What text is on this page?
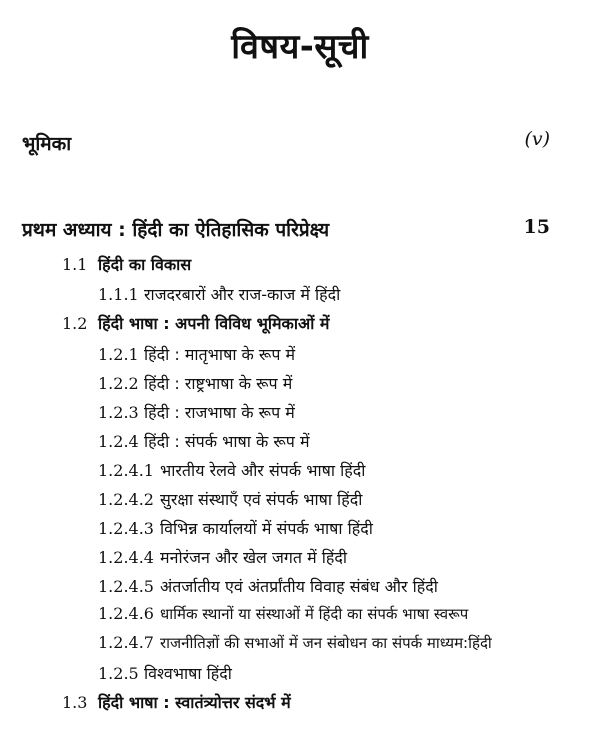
विषय-सूची
भूमिका	(v)
प्रथम अध्याय : हिंदी का ऐतिहासिक परिप्रेक्ष्य	15
1.1 हिंदी का विकास
1.1.1 राजदरबारों और राज-काज में हिंदी
1.2 हिंदी भाषा : अपनी विविध भूमिकाओं में
1.2.1 हिंदी : मातृभाषा के रूप में
1.2.2 हिंदी : राष्ट्रभाषा के रूप में
1.2.3 हिंदी : राजभाषा के रूप में
1.2.4 हिंदी : संपर्क भाषा के रूप में
1.2.4.1 भारतीय रेलवे और संपर्क भाषा हिंदी
1.2.4.2 सुरक्षा संस्थाएँ एवं संपर्क भाषा हिंदी
1.2.4.3 विभिन्न कार्यालयों में संपर्क भाषा हिंदी
1.2.4.4 मनोरंजन और खेल जगत में हिंदी
1.2.4.5 अंतर्जातीय एवं अंतर्प्रांतीय विवाह संबंध और हिंदी
1.2.4.6 धार्मिक स्थानों या संस्थाओं में हिंदी का संपर्क भाषा स्वरूप
1.2.4.7 राजनीतिज्ञों की सभाओं में जन संबोधन का संपर्क माध्यम:हिंदी
1.2.5 विश्वभाषा हिंदी
1.3 हिंदी भाषा : स्वातंत्र्योत्तर संदर्भ में
